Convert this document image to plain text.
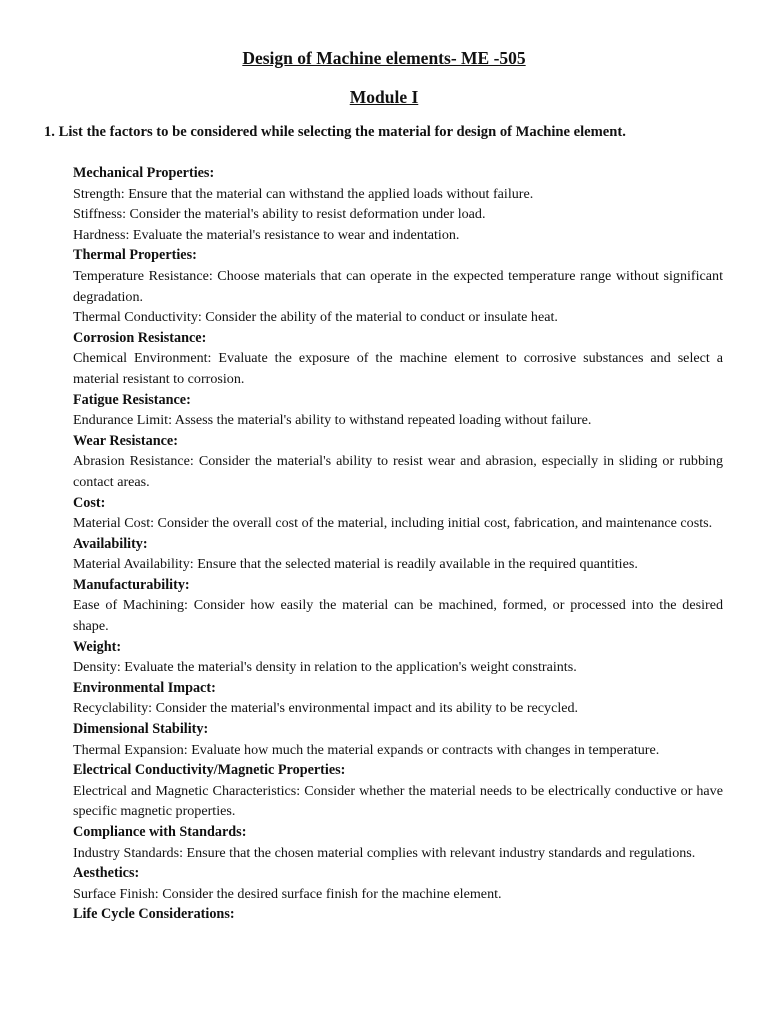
Design of Machine elements- ME -505
Module I

1. List the factors to be considered while selecting the material for design of Machine element.

Mechanical Properties:

Strength: Ensure that the material can withstand the applied loads without failure.

Stiffness: Consider the material's ability to resist deformation under load.

Hardness: Evaluate the material's resistance to wear and indentation.

Thermal Properties:

Temperature Resistance: Choose materials that can operate in the expected temperature range without significant degradation.

Thermal Conductivity: Consider the ability of the material to conduct or insulate heat.

Corrosion Resistance:

Chemical Environment: Evaluate the exposure of the machine element to corrosive substances and select a material resistant to corrosion.

Fatigue Resistance:

Endurance Limit: Assess the material's ability to withstand repeated loading without failure.

Wear Resistance:

Abrasion Resistance: Consider the material's ability to resist wear and abrasion, especially in sliding or rubbing contact areas.

Cost:

Material Cost: Consider the overall cost of the material, including initial cost, fabrication, and maintenance costs.

Availability:

Material Availability: Ensure that the selected material is readily available in the required quantities.

Manufacturability:

Ease of Machining: Consider how easily the material can be machined, formed, or processed into the desired shape.

Weight:

Density: Evaluate the material's density in relation to the application's weight constraints.

Environmental Impact:

Recyclability: Consider the material's environmental impact and its ability to be recycled.

Dimensional Stability:

Thermal Expansion: Evaluate how much the material expands or contracts with changes in temperature.

Electrical Conductivity/Magnetic Properties:

Electrical and Magnetic Characteristics: Consider whether the material needs to be electrically conductive or have specific magnetic properties.

Compliance with Standards:

Industry Standards: Ensure that the chosen material complies with relevant industry standards and regulations.

Aesthetics:

Surface Finish: Consider the desired surface finish for the machine element.

Life Cycle Considerations:
